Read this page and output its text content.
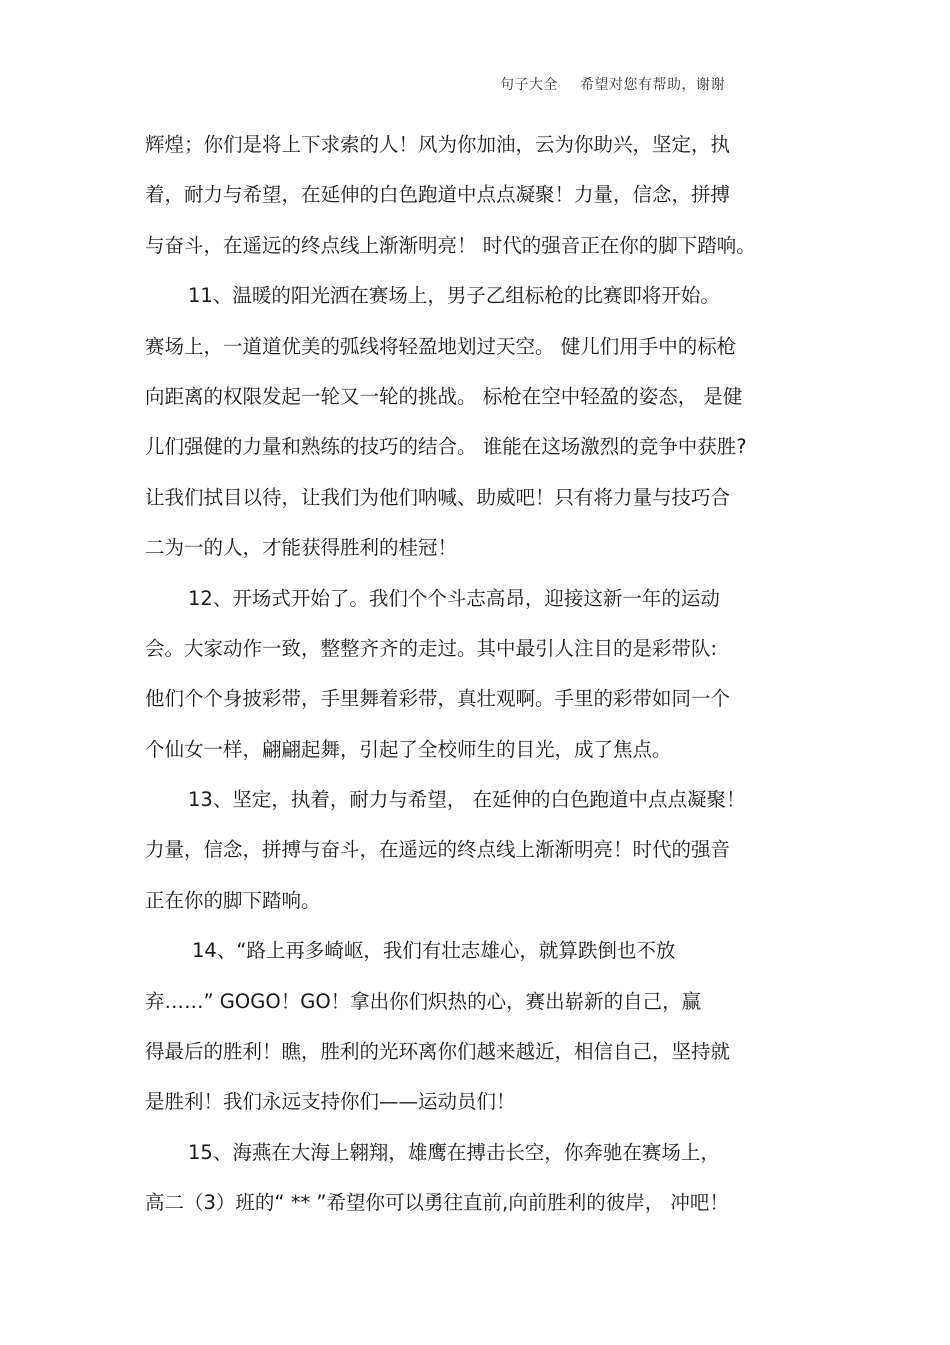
句子大全 希望对您有帮助，谢谢
辉煌；你们是将上下求索的人！风为你加油，云为你助兴，坚定，执
着，耐力与希望，在延伸的白色跑道中点点凝聚！力量，信念，拼搏
与奋斗，在遥远的终点线上渐渐明亮！ 时代的强音正在你的脚下踏响。
11、温暖的阳光洒在赛场上，男子乙组标枪的比赛即将开始。
赛场上，一道道优美的弧线将轻盈地划过天空。 健儿们用手中的标枪
向距离的权限发起一轮又一轮的挑战。 标枪在空中轻盈的姿态， 是健
儿们强健的力量和熟练的技巧的结合。 谁能在这场激烈的竞争中获胜?
让我们拭目以待，让我们为他们呐喊、助威吧！只有将力量与技巧合
二为一的人，才能获得胜利的桂冠！
12、开场式开始了。我们个个斗志高昂，迎接这新一年的运动
会。大家动作一致，整整齐齐的走过。其中最引人注目的是彩带队:
他们个个身披彩带，手里舞着彩带，真壮观啊。手里的彩带如同一个
个仙女一样，翩翩起舞，引起了全校师生的目光，成了焦点。
13、坚定，执着，耐力与希望， 在延伸的白色跑道中点点凝聚！
力量，信念，拼搏与奋斗，在遥远的终点线上渐渐明亮！时代的强音
正在你的脚下踏响。
14、“路上再多崎岖，我们有壮志雄心，就算跌倒也不放
弃……” GOGO！GO！拿出你们炽热的心，赛出崭新的自己，赢
得最后的胜利！瞧，胜利的光环离你们越来越近，相信自己，坚持就
是胜利！我们永远支持你们——运动员们！
15、海燕在大海上翱翔，雄鹰在搏击长空，你奔驰在赛场上，
高二（3）班的“ ** ”希望你可以勇往直前,向前胜利的彼岸， 冲吧！
